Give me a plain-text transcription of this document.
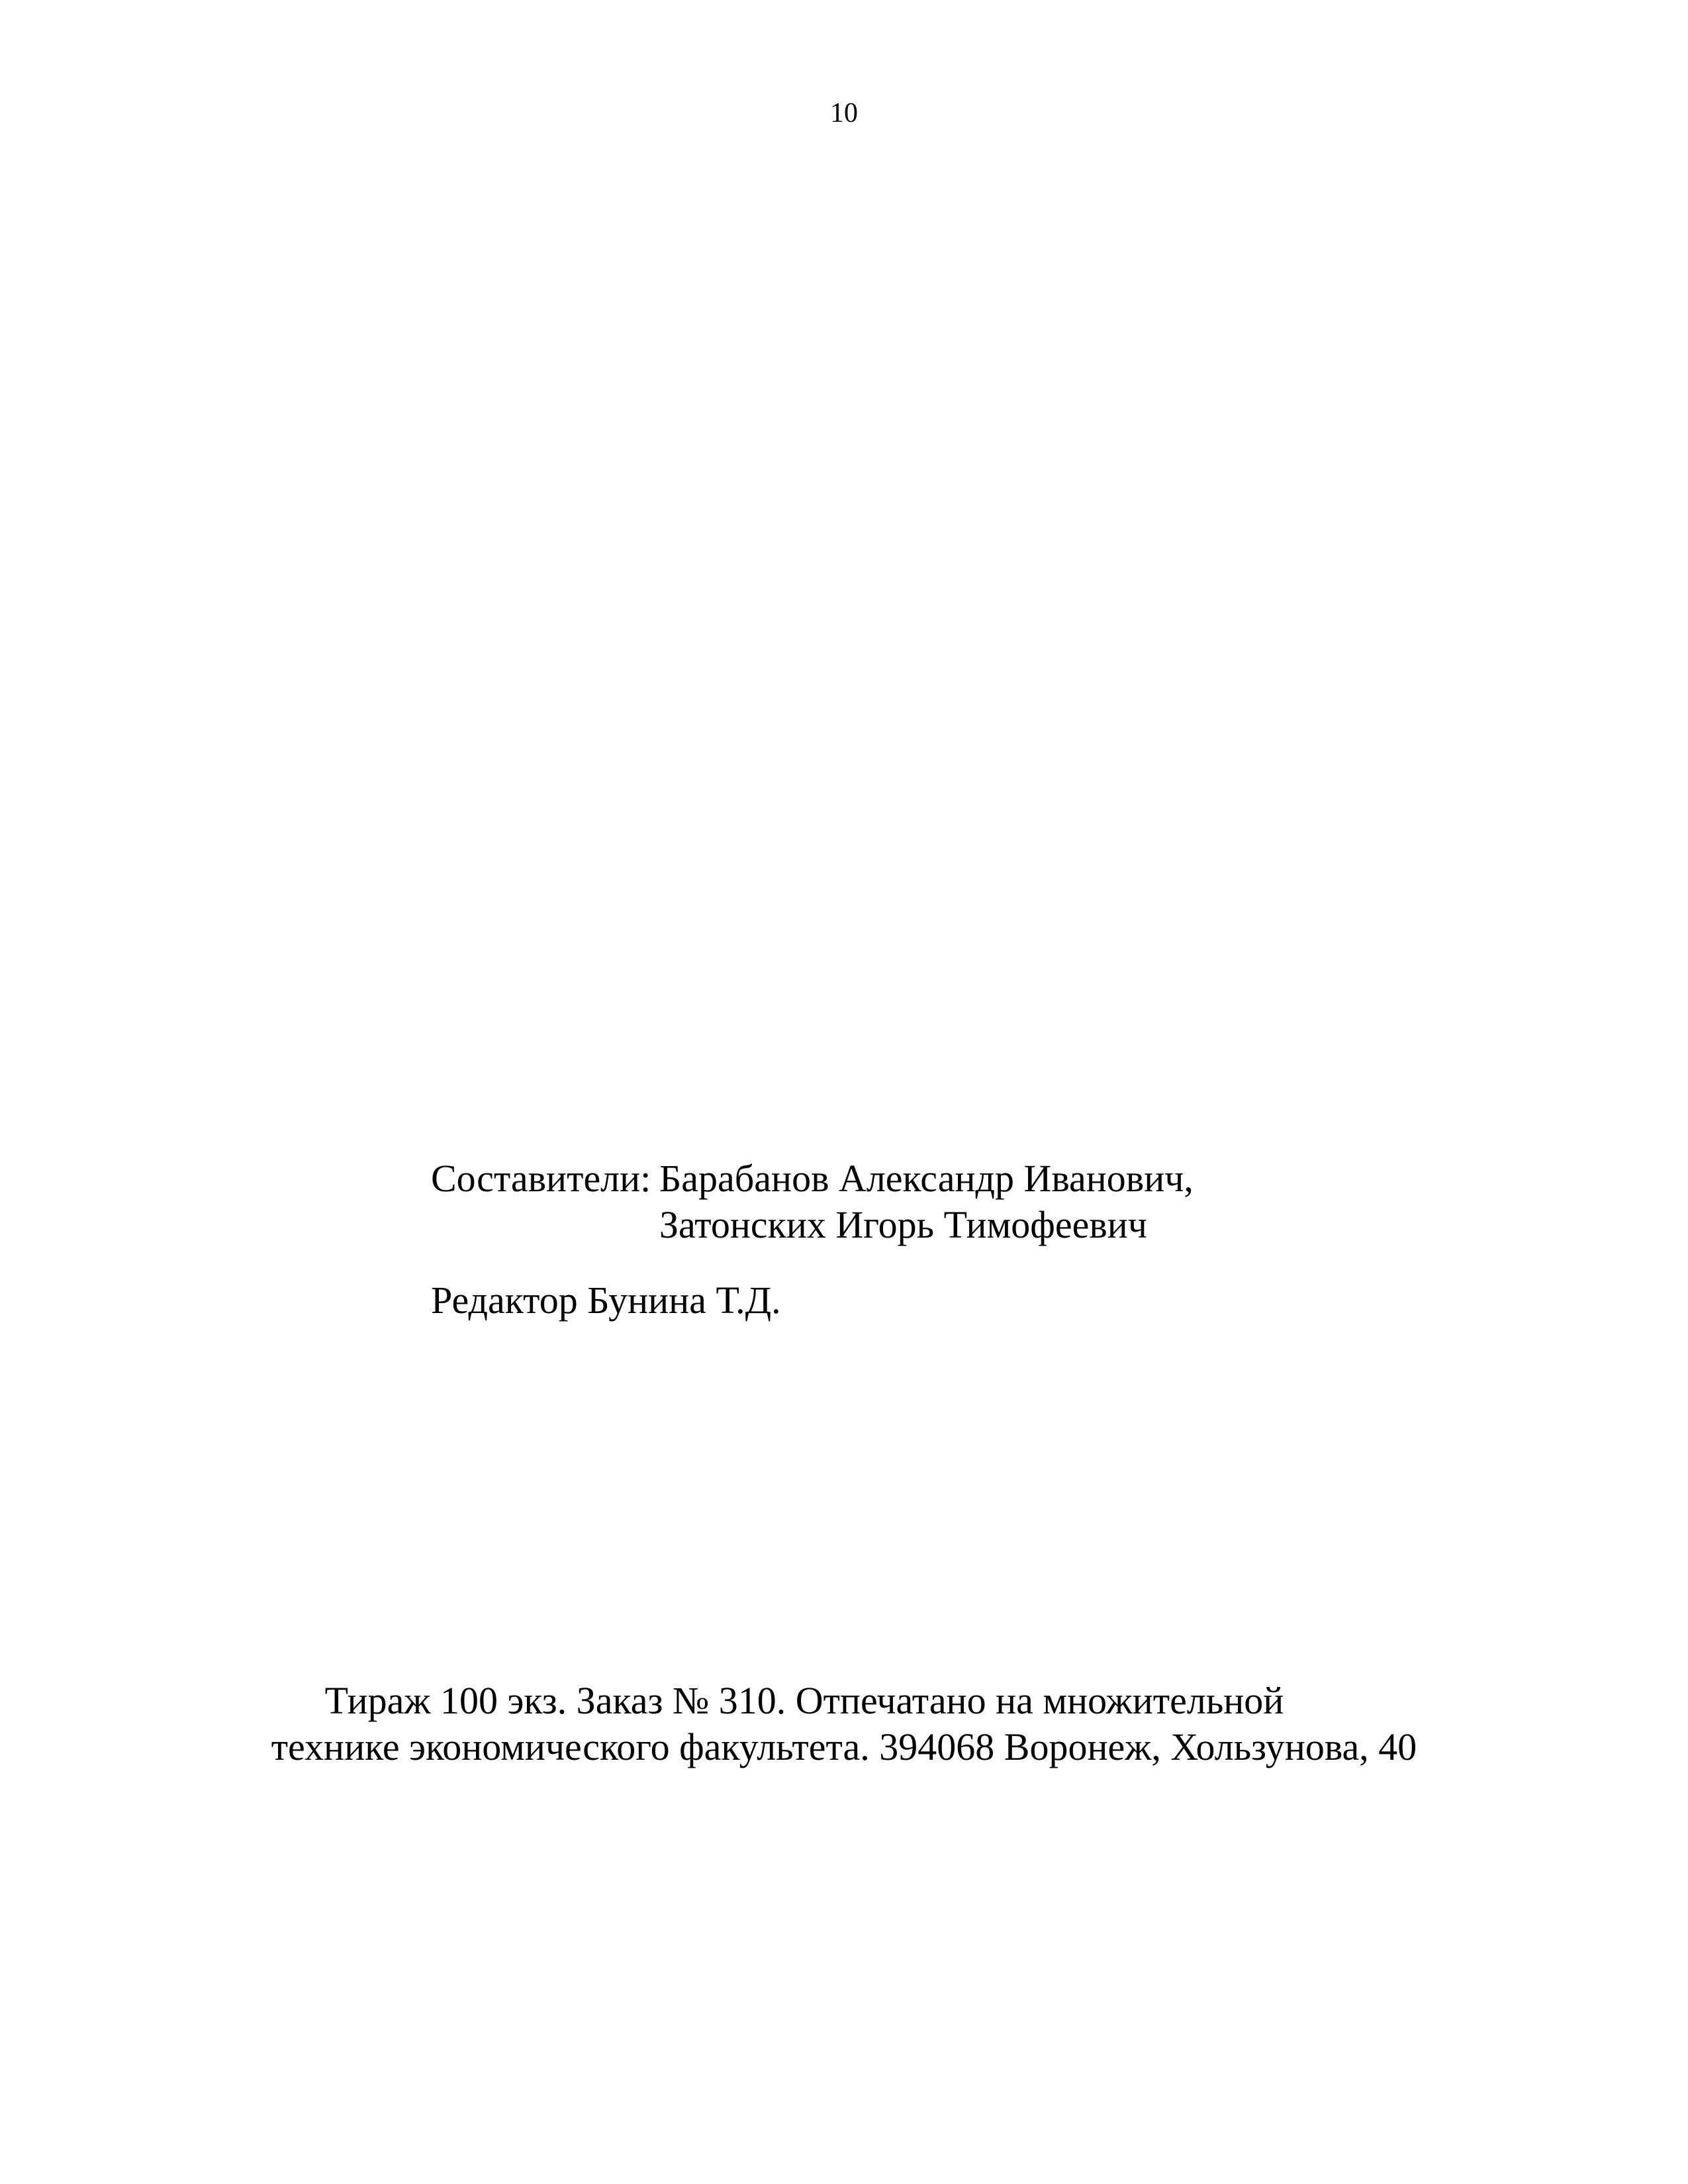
10
Составители: Барабанов Александр Иванович,
Затонских Игорь Тимофеевич
Редактор Бунина Т.Д.
Тираж 100 экз. Заказ № 310. Отпечатано на множительной
технике экономического факультета. 394068 Воронеж, Хользунова, 40
